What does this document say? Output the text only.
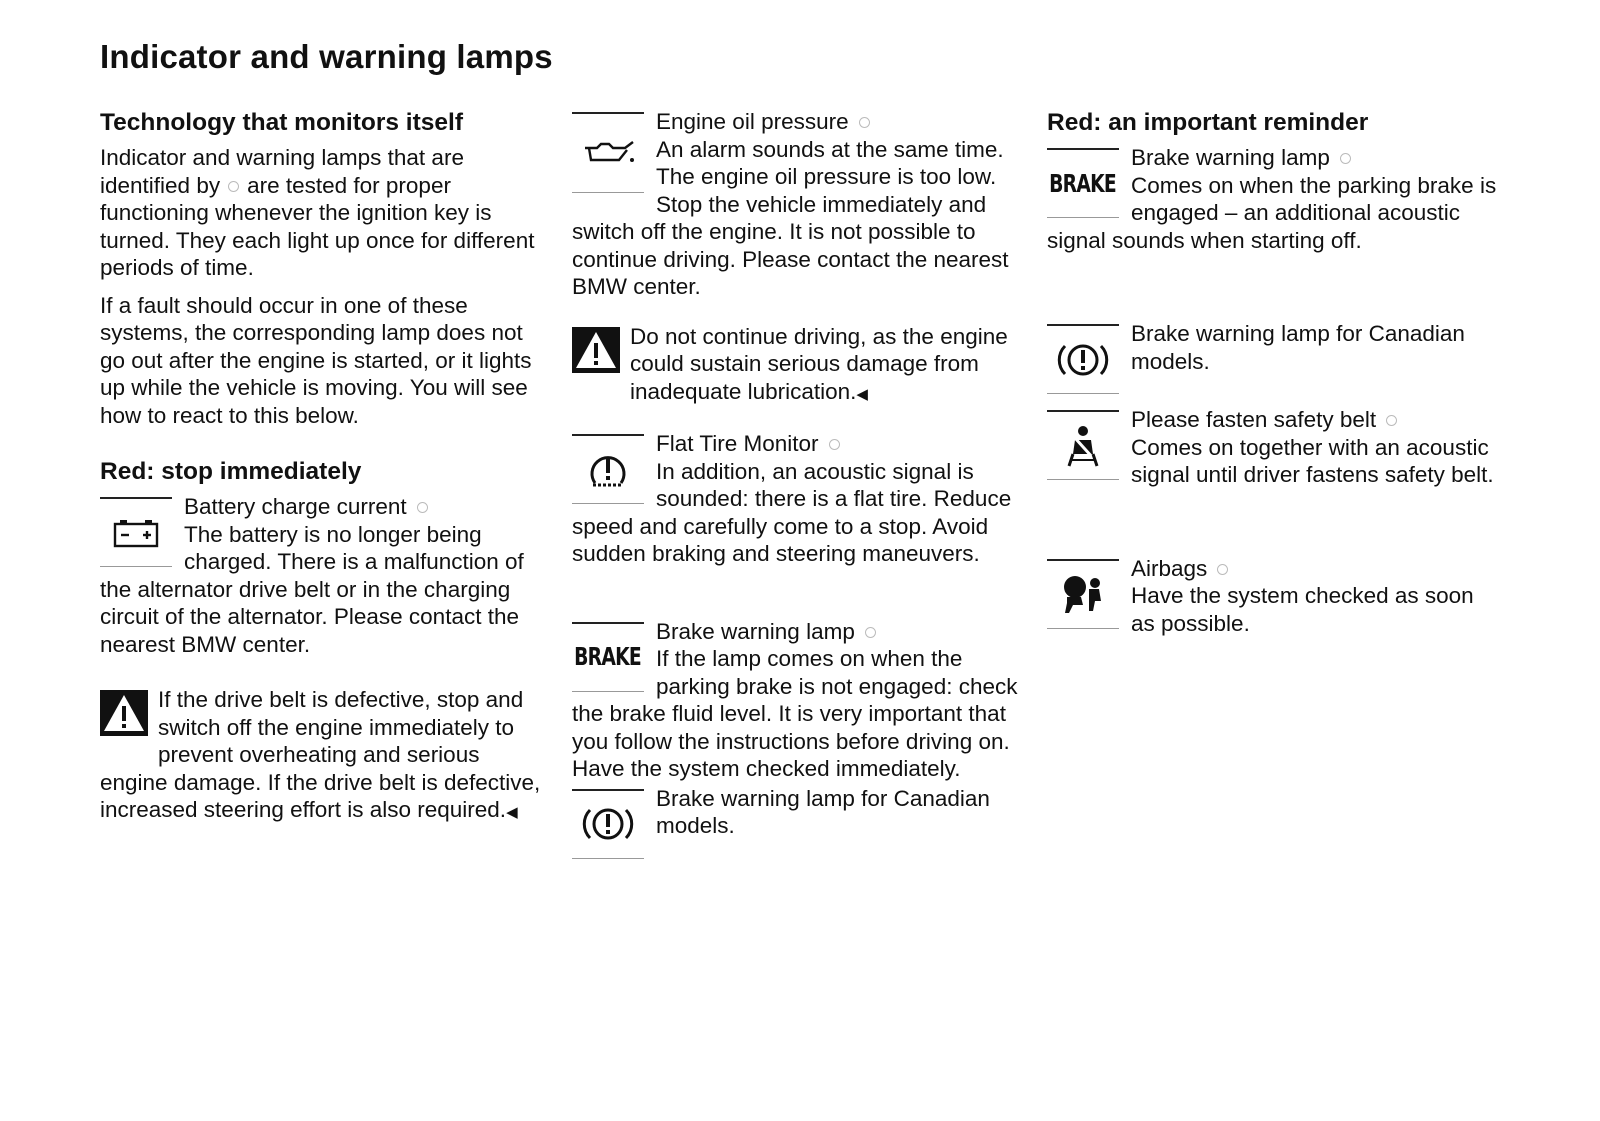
Indicator and warning lamps
Technology that monitors itself

Indicator and warning lamps that are identified by are tested for proper functioning whenever the ignition key is turned. They each light up once for different periods of time.

If a fault should occur in one of these systems, the corresponding lamp does not go out after the engine is started, or it lights up while the vehicle is moving. You will see how to react to this below.

Red: stop immediately

Battery charge current

The battery is no longer being charged. There is a malfunction of the alternator drive belt or in the charging circuit of the alternator. Please contact the nearest BMW center.

If the drive belt is defective, stop and switch off the engine immediately to prevent overheating and serious engine damage. If the drive belt is defective, increased steering effort is also required.◀

Engine oil pressure

An alarm sounds at the same time. The engine oil pressure is too low. Stop the vehicle immediately and switch off the engine. It is not possible to continue driving. Please contact the nearest BMW center.

Do not continue driving, as the engine could sustain serious damage from inadequate lubrication.◀

Flat Tire Monitor

In addition, an acoustic signal is sounded: there is a flat tire. Reduce speed and carefully come to a stop. Avoid sudden braking and steering maneuvers.

BRAKE

Brake warning lamp

If the lamp comes on when the parking brake is not engaged: check the brake fluid level. It is very important that you follow the instructions before driving on.

Have the system checked immediately.

Brake warning lamp for Canadian models.

Red: an important reminder
BRAKE

Brake warning lamp

Comes on when the parking brake is engaged – an additional acoustic signal sounds when starting off.

Brake warning lamp for Canadian models.

Please fasten safety belt

Comes on together with an acoustic signal until driver fastens safety belt.

Airbags

Have the system checked as soon as possible.
